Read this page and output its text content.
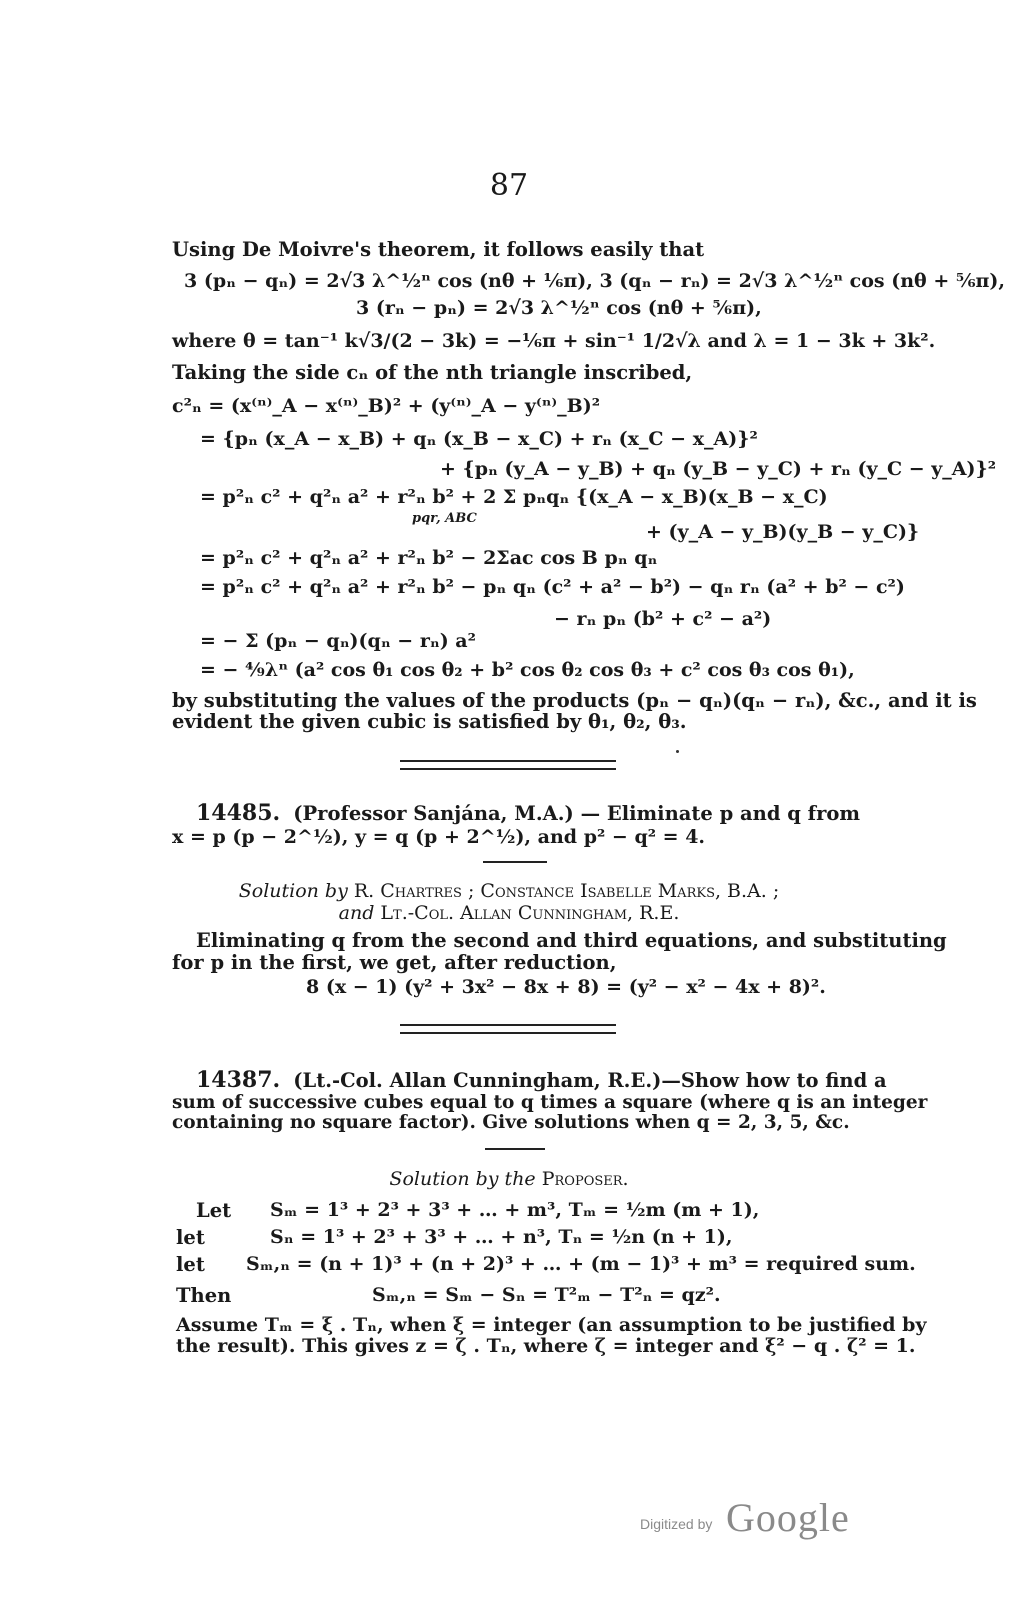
87
Using De Moivre's theorem, it follows easily that
3 (pₙ − qₙ) = 2√3 λ^½ⁿ cos (nθ + ⅙π), 3 (qₙ − rₙ) = 2√3 λ^½ⁿ cos (nθ + ⅚π),
3 (rₙ − pₙ) = 2√3 λ^½ⁿ cos (nθ + ⁵⁄₆π),
where θ = tan⁻¹ k√3/(2 − 3k) = −⅙π + sin⁻¹ 1/2√λ and λ = 1 − 3k + 3k².
Taking the side cₙ of the nth triangle inscribed,
c²ₙ = (x⁽ⁿ⁾_A − x⁽ⁿ⁾_B)² + (y⁽ⁿ⁾_A − y⁽ⁿ⁾_B)²
= {pₙ (x_A − x_B) + qₙ (x_B − x_C) + rₙ (x_C − x_A)}²
+ {pₙ (y_A − y_B) + qₙ (y_B − y_C) + rₙ (y_C − y_A)}²
= p²ₙ c² + q²ₙ a² + r²ₙ b² + 2 Σ pₙqₙ {(x_A − x_B)(x_B − x_C)
pqr, ABC
+ (y_A − y_B)(y_B − y_C)}
= p²ₙ c² + q²ₙ a² + r²ₙ b² − 2Σac cos B pₙ qₙ
= p²ₙ c² + q²ₙ a² + r²ₙ b² − pₙ qₙ (c² + a² − b²) − qₙ rₙ (a² + b² − c²)
− rₙ pₙ (b² + c² − a²)
= − Σ (pₙ − qₙ)(qₙ − rₙ) a²
= − ⁴⁄₉λⁿ (a² cos θ₁ cos θ₂ + b² cos θ₂ cos θ₃ + c² cos θ₃ cos θ₁),
by substituting the values of the products (pₙ − qₙ)(qₙ − rₙ), &c., and it is
evident the given cubic is satisfied by θ₁, θ₂, θ₃.
14485. (Professor Sanjána, M.A.) — Eliminate p and q from
x = p (p − 2^½), y = q (p + 2^½), and p² − q² = 4.
Solution by R. Chartres ; Constance Isabelle Marks, B.A. ;
and Lt.-Col. Allan Cunningham, R.E.
Eliminating q from the second and third equations, and substituting
for p in the first, we get, after reduction,
8 (x − 1) (y² + 3x² − 8x + 8) = (y² − x² − 4x + 8)².
14387. (Lt.-Col. Allan Cunningham, R.E.)—Show how to find a
sum of successive cubes equal to q times a square (where q is an integer
containing no square factor). Give solutions when q = 2, 3, 5, &c.
Solution by the Proposer.
Let Sₘ = 1³ + 2³ + 3³ + … + m³, Tₘ = ½m (m + 1),
let	Sₙ = 1³ + 2³ + 3³ + … + n³, Tₙ = ½n (n + 1),
let Sₘ,ₙ = (n + 1)³ + (n + 2)³ + … + (m − 1)³ + m³ = required sum.
Then	Sₘ,ₙ = Sₘ − Sₙ = T²ₘ − T²ₙ = qz².
Assume Tₘ = ξ . Tₙ, when ξ = integer (an assumption to be justified by
the result). This gives z = ζ . Tₙ, where ζ = integer and ξ² − q . ζ² = 1.
Digitized by Google
